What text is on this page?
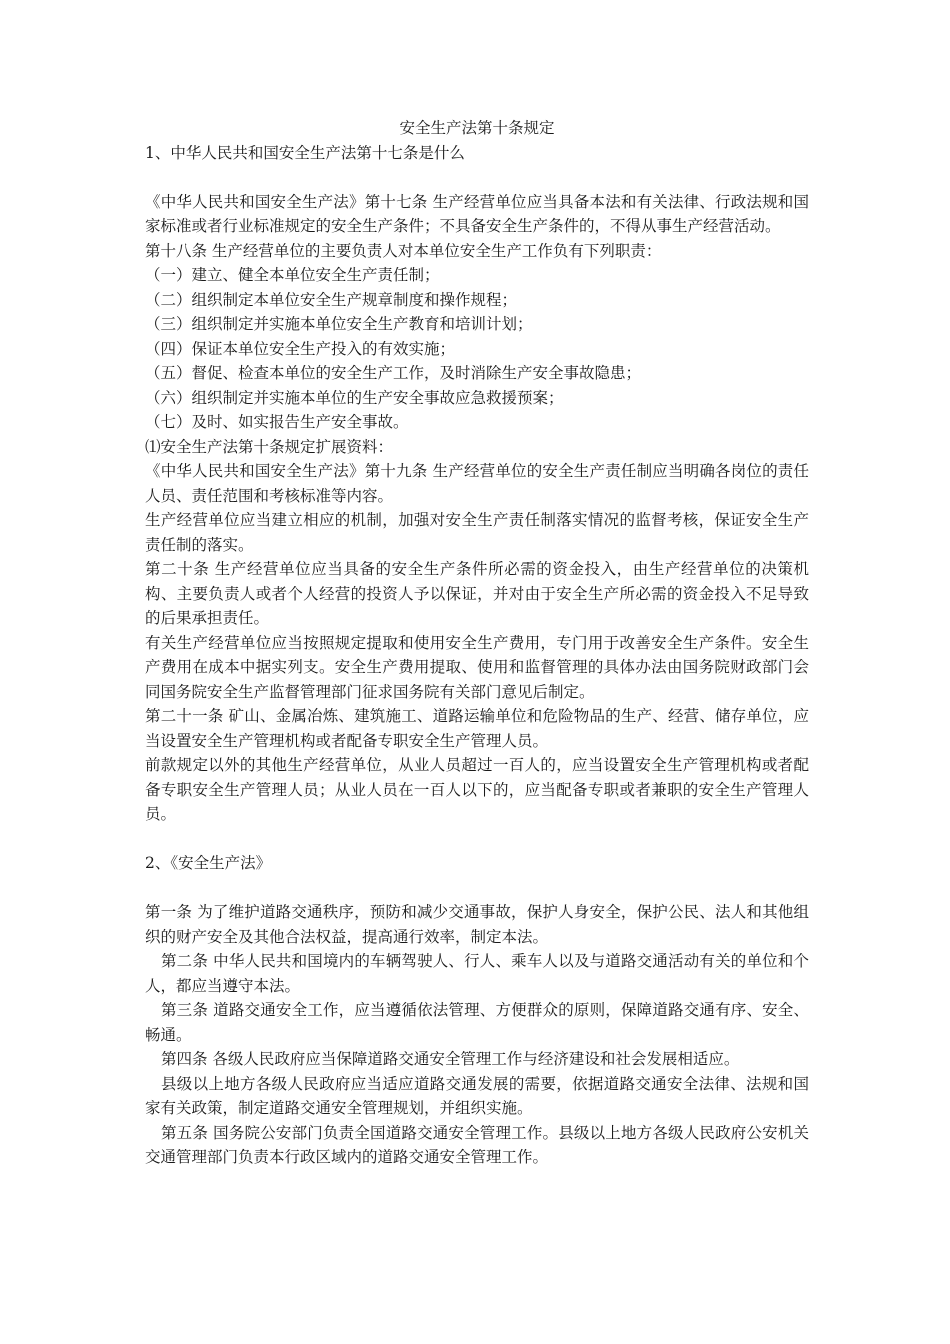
安全生产法第十条规定

1、中华人民共和国安全生产法第十七条是什么

《中华人民共和国安全生产法》第十七条 生产经营单位应当具备本法和有关法律、行政法规和国家标准或者行业标准规定的安全生产条件；不具备安全生产条件的，不得从事生产经营活动。

第十八条 生产经营单位的主要负责人对本单位安全生产工作负有下列职责：

（一）建立、健全本单位安全生产责任制；

（二）组织制定本单位安全生产规章制度和操作规程；

（三）组织制定并实施本单位安全生产教育和培训计划；

（四）保证本单位安全生产投入的有效实施；

（五）督促、检查本单位的安全生产工作，及时消除生产安全事故隐患；

（六）组织制定并实施本单位的生产安全事故应急救援预案；

（七）及时、如实报告生产安全事故。

⑴安全生产法第十条规定扩展资料：

《中华人民共和国安全生产法》第十九条 生产经营单位的安全生产责任制应当明确各岗位的责任人员、责任范围和考核标准等内容。

生产经营单位应当建立相应的机制，加强对安全生产责任制落实情况的监督考核，保证安全生产责任制的落实。

第二十条 生产经营单位应当具备的安全生产条件所必需的资金投入，由生产经营单位的决策机构、主要负责人或者个人经营的投资人予以保证，并对由于安全生产所必需的资金投入不足导致的后果承担责任。

有关生产经营单位应当按照规定提取和使用安全生产费用，专门用于改善安全生产条件。安全生产费用在成本中据实列支。安全生产费用提取、使用和监督管理的具体办法由国务院财政部门会同国务院安全生产监督管理部门征求国务院有关部门意见后制定。

第二十一条 矿山、金属冶炼、建筑施工、道路运输单位和危险物品的生产、经营、储存单位，应当设置安全生产管理机构或者配备专职安全生产管理人员。

前款规定以外的其他生产经营单位，从业人员超过一百人的，应当设置安全生产管理机构或者配备专职安全生产管理人员；从业人员在一百人以下的，应当配备专职或者兼职的安全生产管理人员。

2、《安全生产法》

第一条 为了维护道路交通秩序，预防和减少交通事故，保护人身安全，保护公民、法人和其他组织的财产安全及其他合法权益，提高通行效率，制定本法。

第二条 中华人民共和国境内的车辆驾驶人、行人、乘车人以及与道路交通活动有关的单位和个人，都应当遵守本法。

第三条 道路交通安全工作，应当遵循依法管理、方便群众的原则，保障道路交通有序、安全、畅通。

第四条 各级人民政府应当保障道路交通安全管理工作与经济建设和社会发展相适应。

县级以上地方各级人民政府应当适应道路交通发展的需要，依据道路交通安全法律、法规和国家有关政策，制定道路交通安全管理规划，并组织实施。

第五条 国务院公安部门负责全国道路交通安全管理工作。县级以上地方各级人民政府公安机关交通管理部门负责本行政区域内的道路交通安全管理工作。
